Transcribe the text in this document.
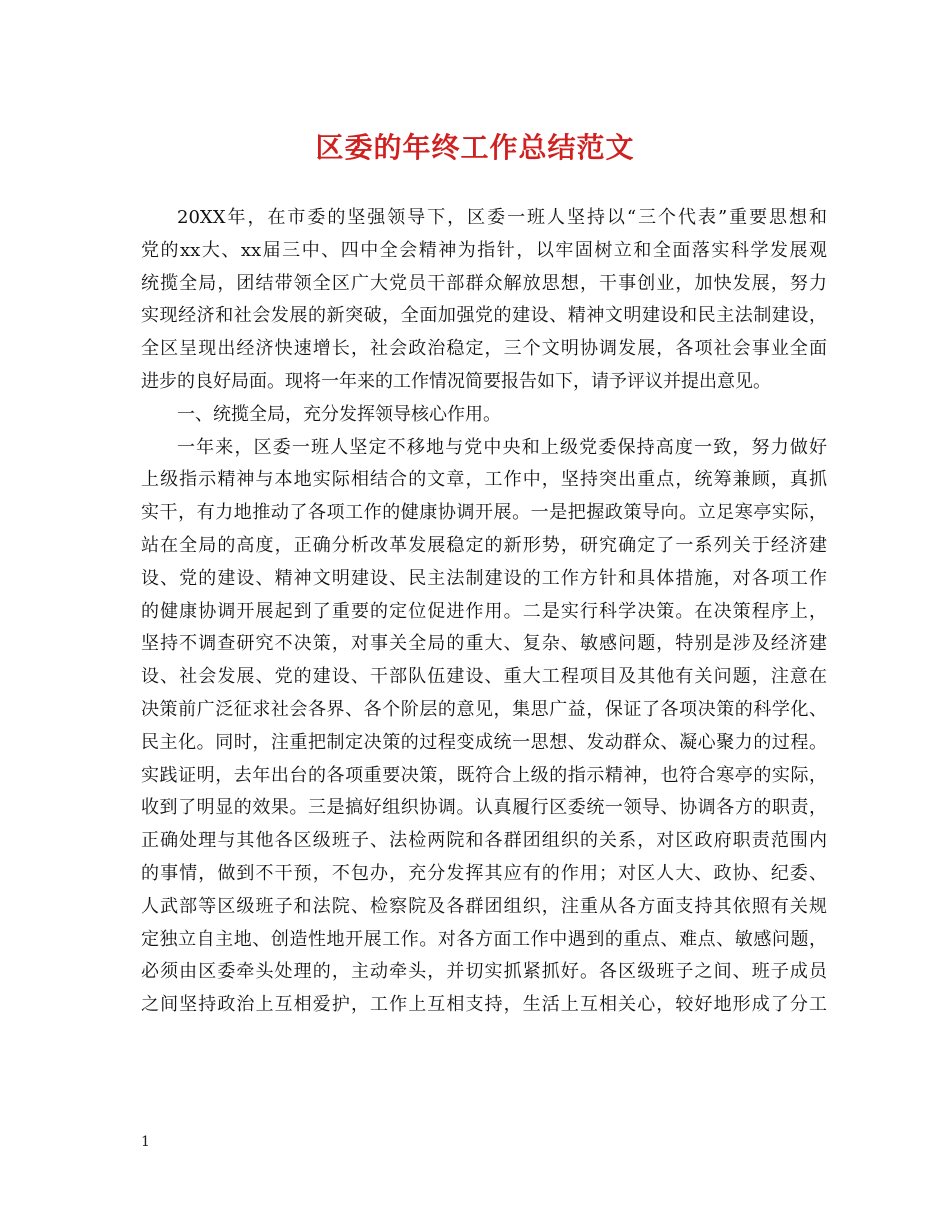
区委的年终工作总结范文
20XX年，在市委的坚强领导下，区委一班人坚持以“三个代表”重要思想和
党的xx大、xx届三中、四中全会精神为指针，以牢固树立和全面落实科学发展观
统揽全局，团结带领全区广大党员干部群众解放思想，干事创业，加快发展，努力
实现经济和社会发展的新突破，全面加强党的建设、精神文明建设和民主法制建设，
全区呈现出经济快速增长，社会政治稳定，三个文明协调发展，各项社会事业全面
进步的良好局面。现将一年来的工作情况简要报告如下，请予评议并提出意见。
一、统揽全局，充分发挥领导核心作用。
一年来，区委一班人坚定不移地与党中央和上级党委保持高度一致，努力做好
上级指示精神与本地实际相结合的文章，工作中，坚持突出重点，统筹兼顾，真抓
实干，有力地推动了各项工作的健康协调开展。一是把握政策导向。立足寒亭实际，
站在全局的高度，正确分析改革发展稳定的新形势，研究确定了一系列关于经济建
设、党的建设、精神文明建设、民主法制建设的工作方针和具体措施，对各项工作
的健康协调开展起到了重要的定位促进作用。二是实行科学决策。在决策程序上，
坚持不调查研究不决策，对事关全局的重大、复杂、敏感问题，特别是涉及经济建
设、社会发展、党的建设、干部队伍建设、重大工程项目及其他有关问题，注意在
决策前广泛征求社会各界、各个阶层的意见，集思广益，保证了各项决策的科学化、
民主化。同时，注重把制定决策的过程变成统一思想、发动群众、凝心聚力的过程。
实践证明，去年出台的各项重要决策，既符合上级的指示精神，也符合寒亭的实际，
收到了明显的效果。三是搞好组织协调。认真履行区委统一领导、协调各方的职责，
正确处理与其他各区级班子、法检两院和各群团组织的关系，对区政府职责范围内
的事情，做到不干预，不包办，充分发挥其应有的作用；对区人大、政协、纪委、
人武部等区级班子和法院、检察院及各群团组织，注重从各方面支持其依照有关规
定独立自主地、创造性地开展工作。对各方面工作中遇到的重点、难点、敏感问题，
必须由区委牵头处理的，主动牵头，并切实抓紧抓好。各区级班子之间、班子成员
之间坚持政治上互相爱护，工作上互相支持，生活上互相关心，较好地形成了分工
1
